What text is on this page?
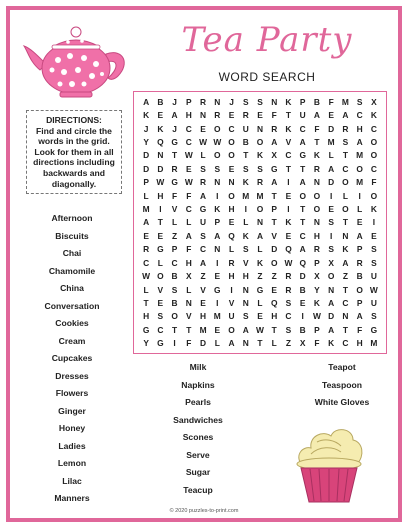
Tea Party
WORD SEARCH
DIRECTIONS:
Find and circle the words in the grid. Look for them in all directions including backwards and diagonally.
A B	J	P	R N	J	S	S	N K	P	B	F M S	X
K	E	A H N R	E	R	E	F	T	U A	E	A C K
J	K	J	C	E O C U N R K C	F	D R H C
Y Q G C W W O B O A	V	A	T M S	A O
D N	T W L	O O	T	K	X	C G K	L	T M O
D D R	E	S	S	E	S	S G	T	T	R A C O C
P W G W R N N K R A	I	A N D O M F
L	H	F	F	A	I	O M M T	E O O	I	L	I	O
M	I	V	C G K H	I	O P	I	T	O E O	L	K
A	T	L	L	U	P	E	L	N	T	K	T	N	S	T	E	I
E	E	Z	A	S	A Q K A	V	E	C H	I	N A	E
R G P	F	C N	L	S	L	D Q A R	S	K	P	S
C	L	C H A	I	R	V	K O W Q P	X	A R	S
W O B	X	Z	E	H H	Z	Z	R D	X O	Z	B U
L	V	S	L	V G	I	N G E	R B	Y	N	T	O W
T	E	B N	E	I	V	N	L	Q S	E	K A C	P	U
H	S O V	H M U	S	E	H C	I	W D N A	S
G C	T	T M E O A W T	S	B	P	A	T	F	G
Y G	I	F	D	L	A N	T	L	Z	X	F	K C H M
Afternoon
Biscuits
Chai
Chamomile
China
Conversation
Cookies
Cream
Cupcakes
Dresses
Flowers
Ginger
Honey
Ladies
Lemon
Lilac
Manners
Milk
Napkins
Pearls
Sandwiches
Scones
Serve
Sugar
Teacup
Teapot
Teaspoon
White Gloves
© 2020 puzzles-to-print.com
